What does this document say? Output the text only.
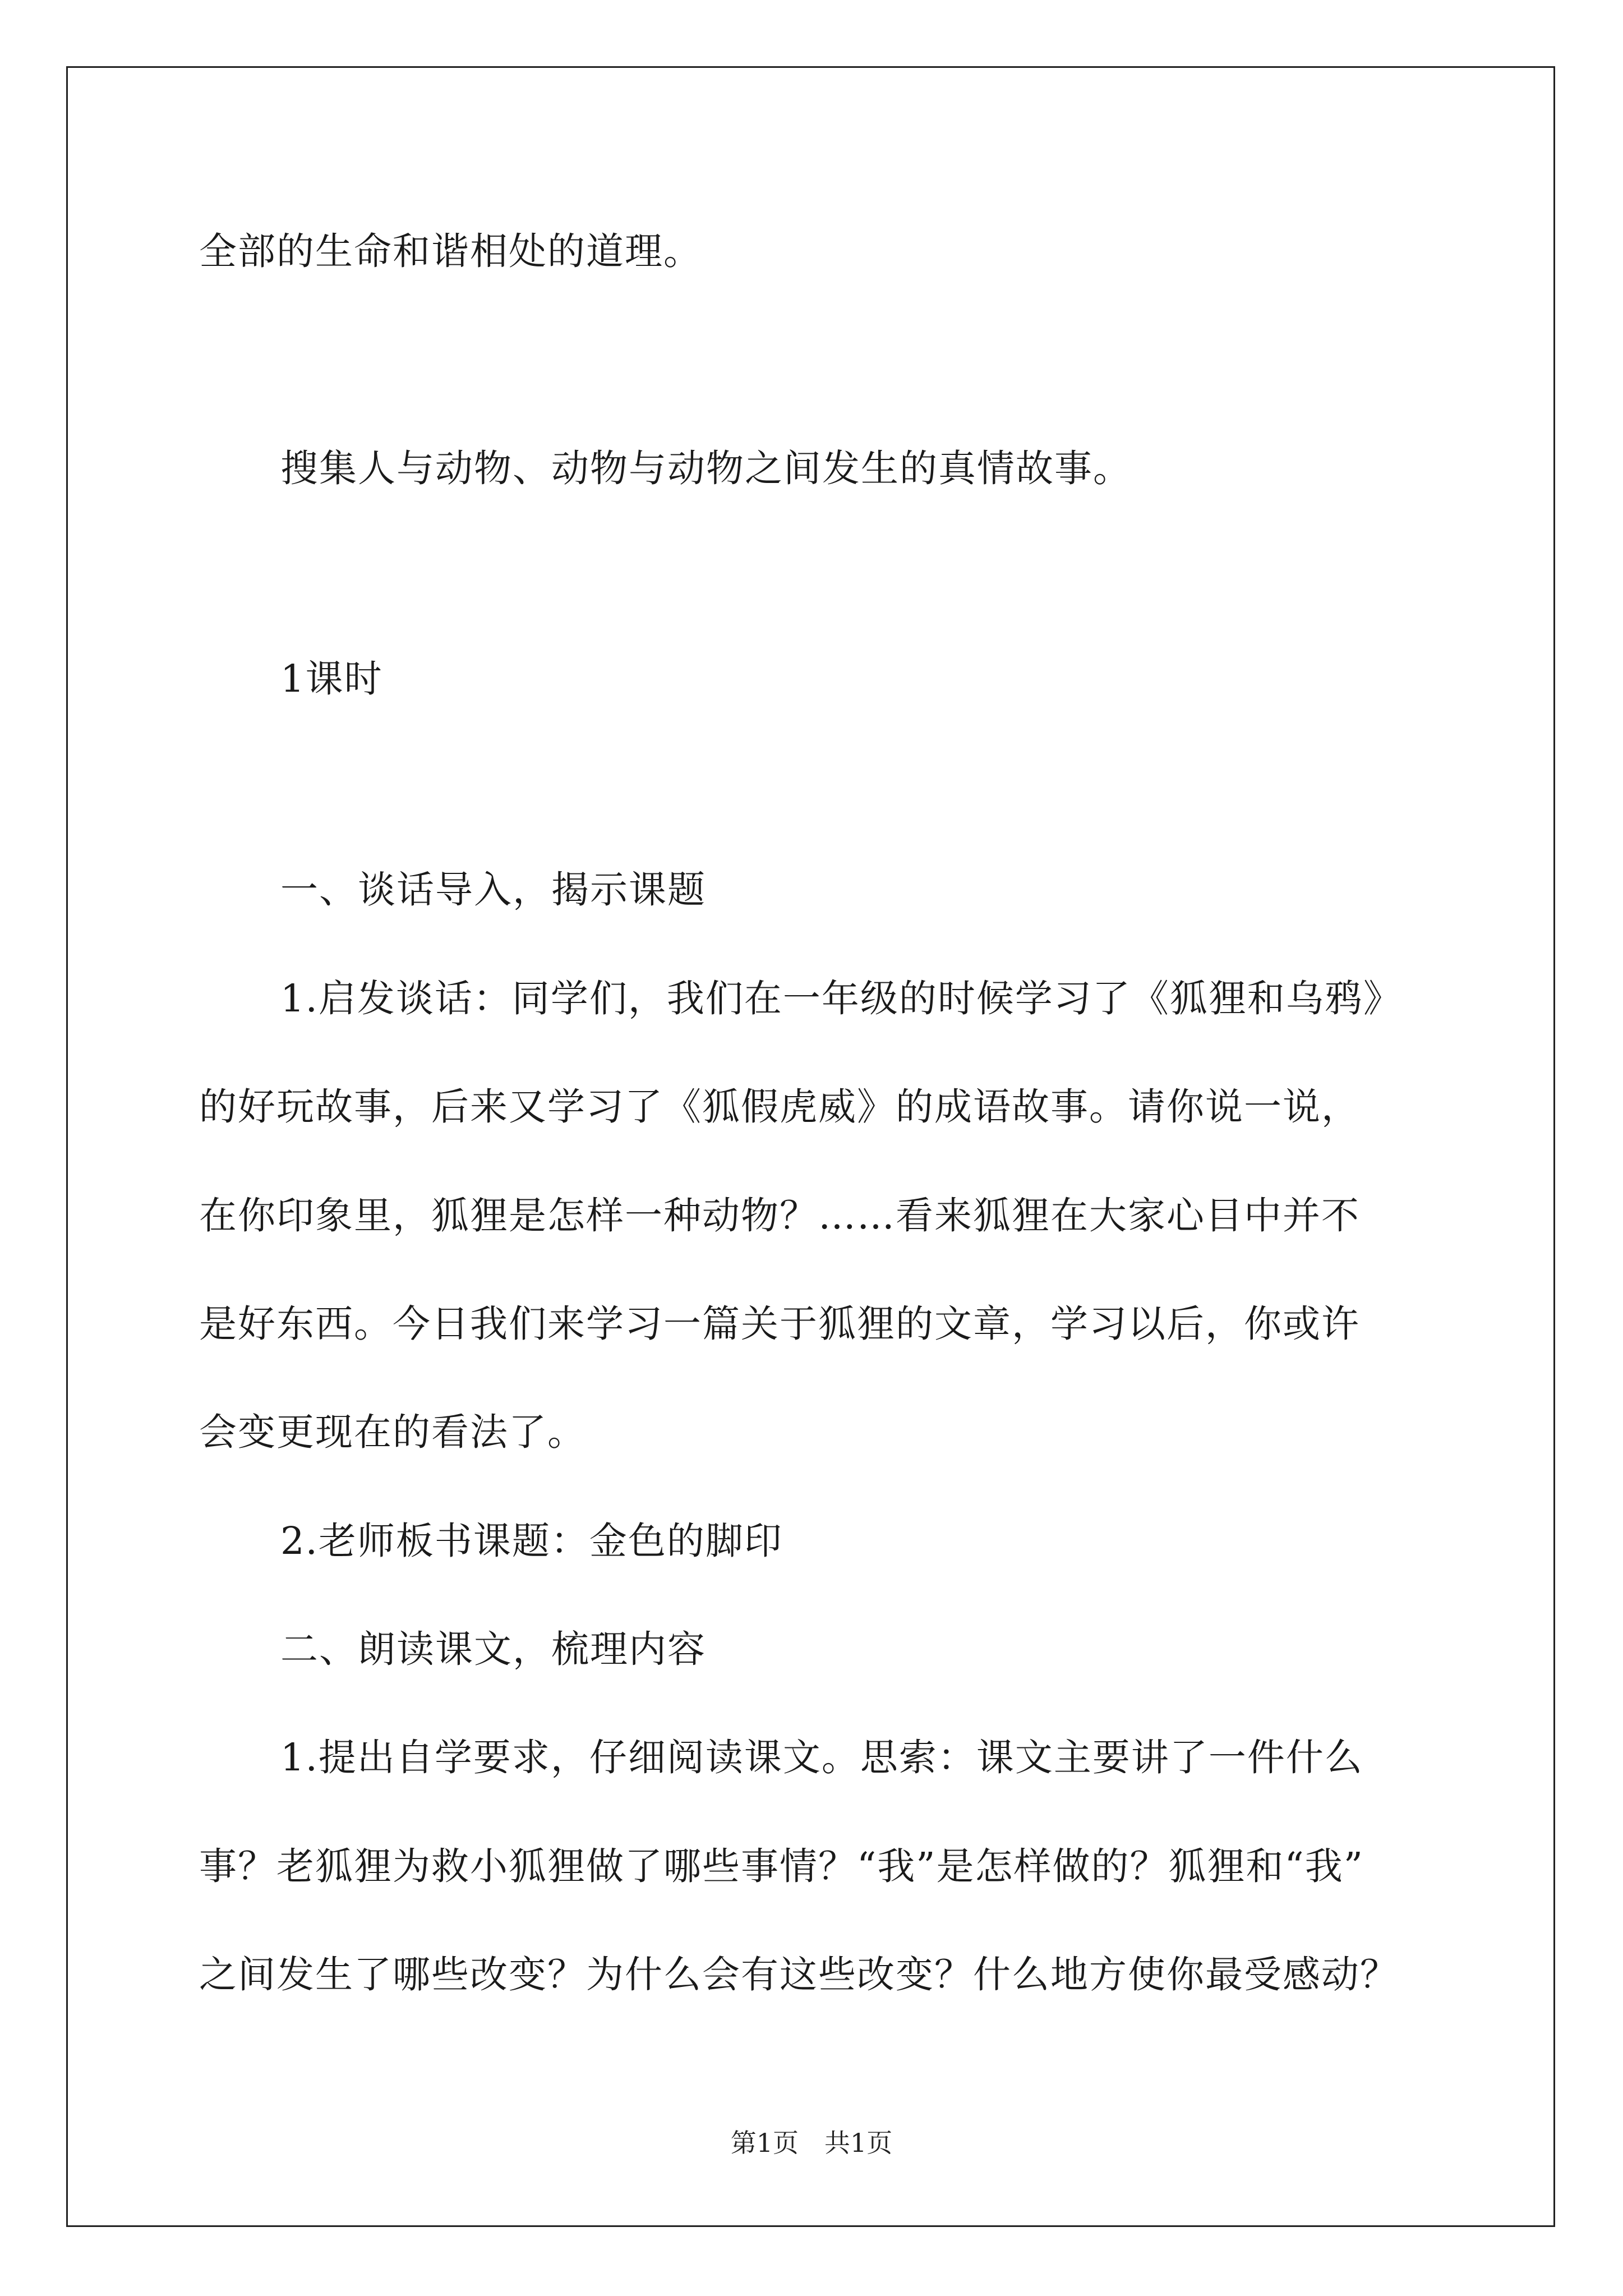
全部的生命和谐相处的道理。
搜集人与动物、动物与动物之间发生的真情故事。
1课时
一、谈话导入，揭示课题
1.启发谈话：同学们，我们在一年级的时候学习了《狐狸和乌鸦》
的好玩故事，后来又学习了《狐假虎威》的成语故事。请你说一说，
在你印象里，狐狸是怎样一种动物？……看来狐狸在大家心目中并不
是好东西。今日我们来学习一篇关于狐狸的文章，学习以后，你或许
会变更现在的看法了。
2.老师板书课题：金色的脚印
二、朗读课文，梳理内容
1.提出自学要求，仔细阅读课文。思索：课文主要讲了一件什么
事？老狐狸为救小狐狸做了哪些事情？“我”是怎样做的？狐狸和“我”
之间发生了哪些改变？为什么会有这些改变？什么地方使你最受感动？
第1页　共1页
